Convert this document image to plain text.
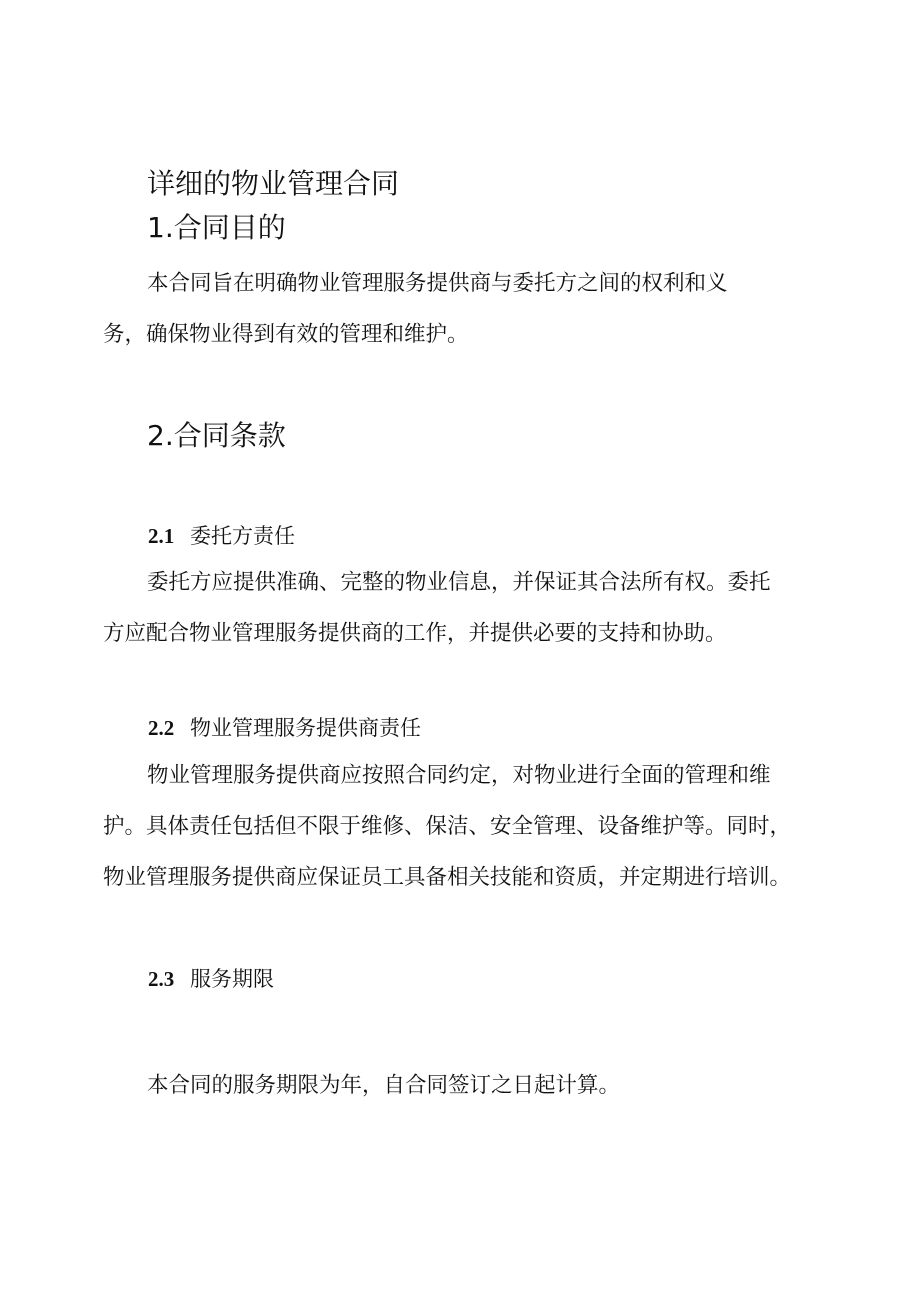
详细的物业管理合同
1.合同目的
本合同旨在明确物业管理服务提供商与委托方之间的权利和义
务，确保物业得到有效的管理和维护。
2.合同条款
2.1 委托方责任
委托方应提供准确、完整的物业信息，并保证其合法所有权。委托
方应配合物业管理服务提供商的工作，并提供必要的支持和协助。
2.2 物业管理服务提供商责任
物业管理服务提供商应按照合同约定，对物业进行全面的管理和维
护。具体责任包括但不限于维修、保洁、安全管理、设备维护等。同时，
物业管理服务提供商应保证员工具备相关技能和资质，并定期进行培训。
2.3 服务期限
本合同的服务期限为年，自合同签订之日起计算。
